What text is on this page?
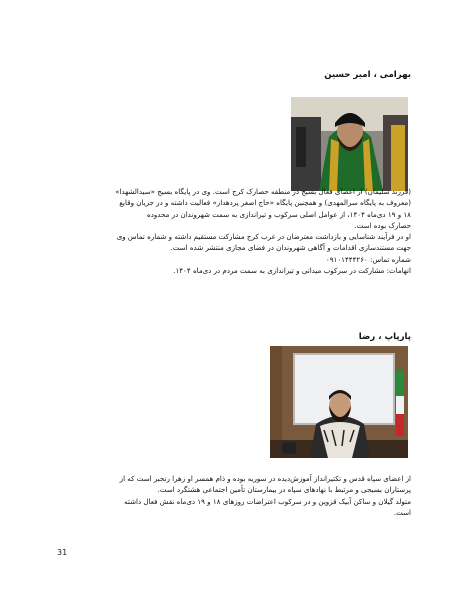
بهرامی ، امیر حسین
(فرزند سلیمان) از اعضای فعال بسیج در منطقه حصارک کرج است. وی در پایگاه بسیج «سیدالشهدا»
(معروف به پایگاه سرالمهدی) و همچنین پایگاه «حاج اصغر پردهدار» فعالیت داشته و در جریان وقایع
۱۸ و ۱۹ دی‌ماه ۱۴۰۴، از عوامل اصلی سرکوب و تیراندازی به سمت شهروندان در محدوده
حصارک بوده است.
او در فرآیند شناسایی و بازداشت معترضان در غرب کرج مشارکت مستقیم داشته و شماره تماس وی
جهت مستندسازی اقدامات و آگاهی شهروندان در فضای مجازی منتشر شده است.
شماره تماس: ۰۹۱۰۱۴۴۴۲۶۰
اتهامات: مشارکت در سرکوب میدانی و تیراندازی به سمت مردم در دی‌ماه ۱۴۰۴.
پارپاپ ، رضا
از اعضای سپاه قدس و تکتیرانداز آموزش‌دیده در سوریه بوده و ذام همسر او زهرا رنجبر است که از
پرستاران بسیجی و مرتبط با نهادهای سپاه در بیمارستان تأمین اجتماعی هشتگرد است.
متولد گیلان و ساکن آبیک قزوین و در سرکوب اعتراضات روزهای ۱۸ و ۱۹ دی‌ماه نقش فعال داشته
است.
31
